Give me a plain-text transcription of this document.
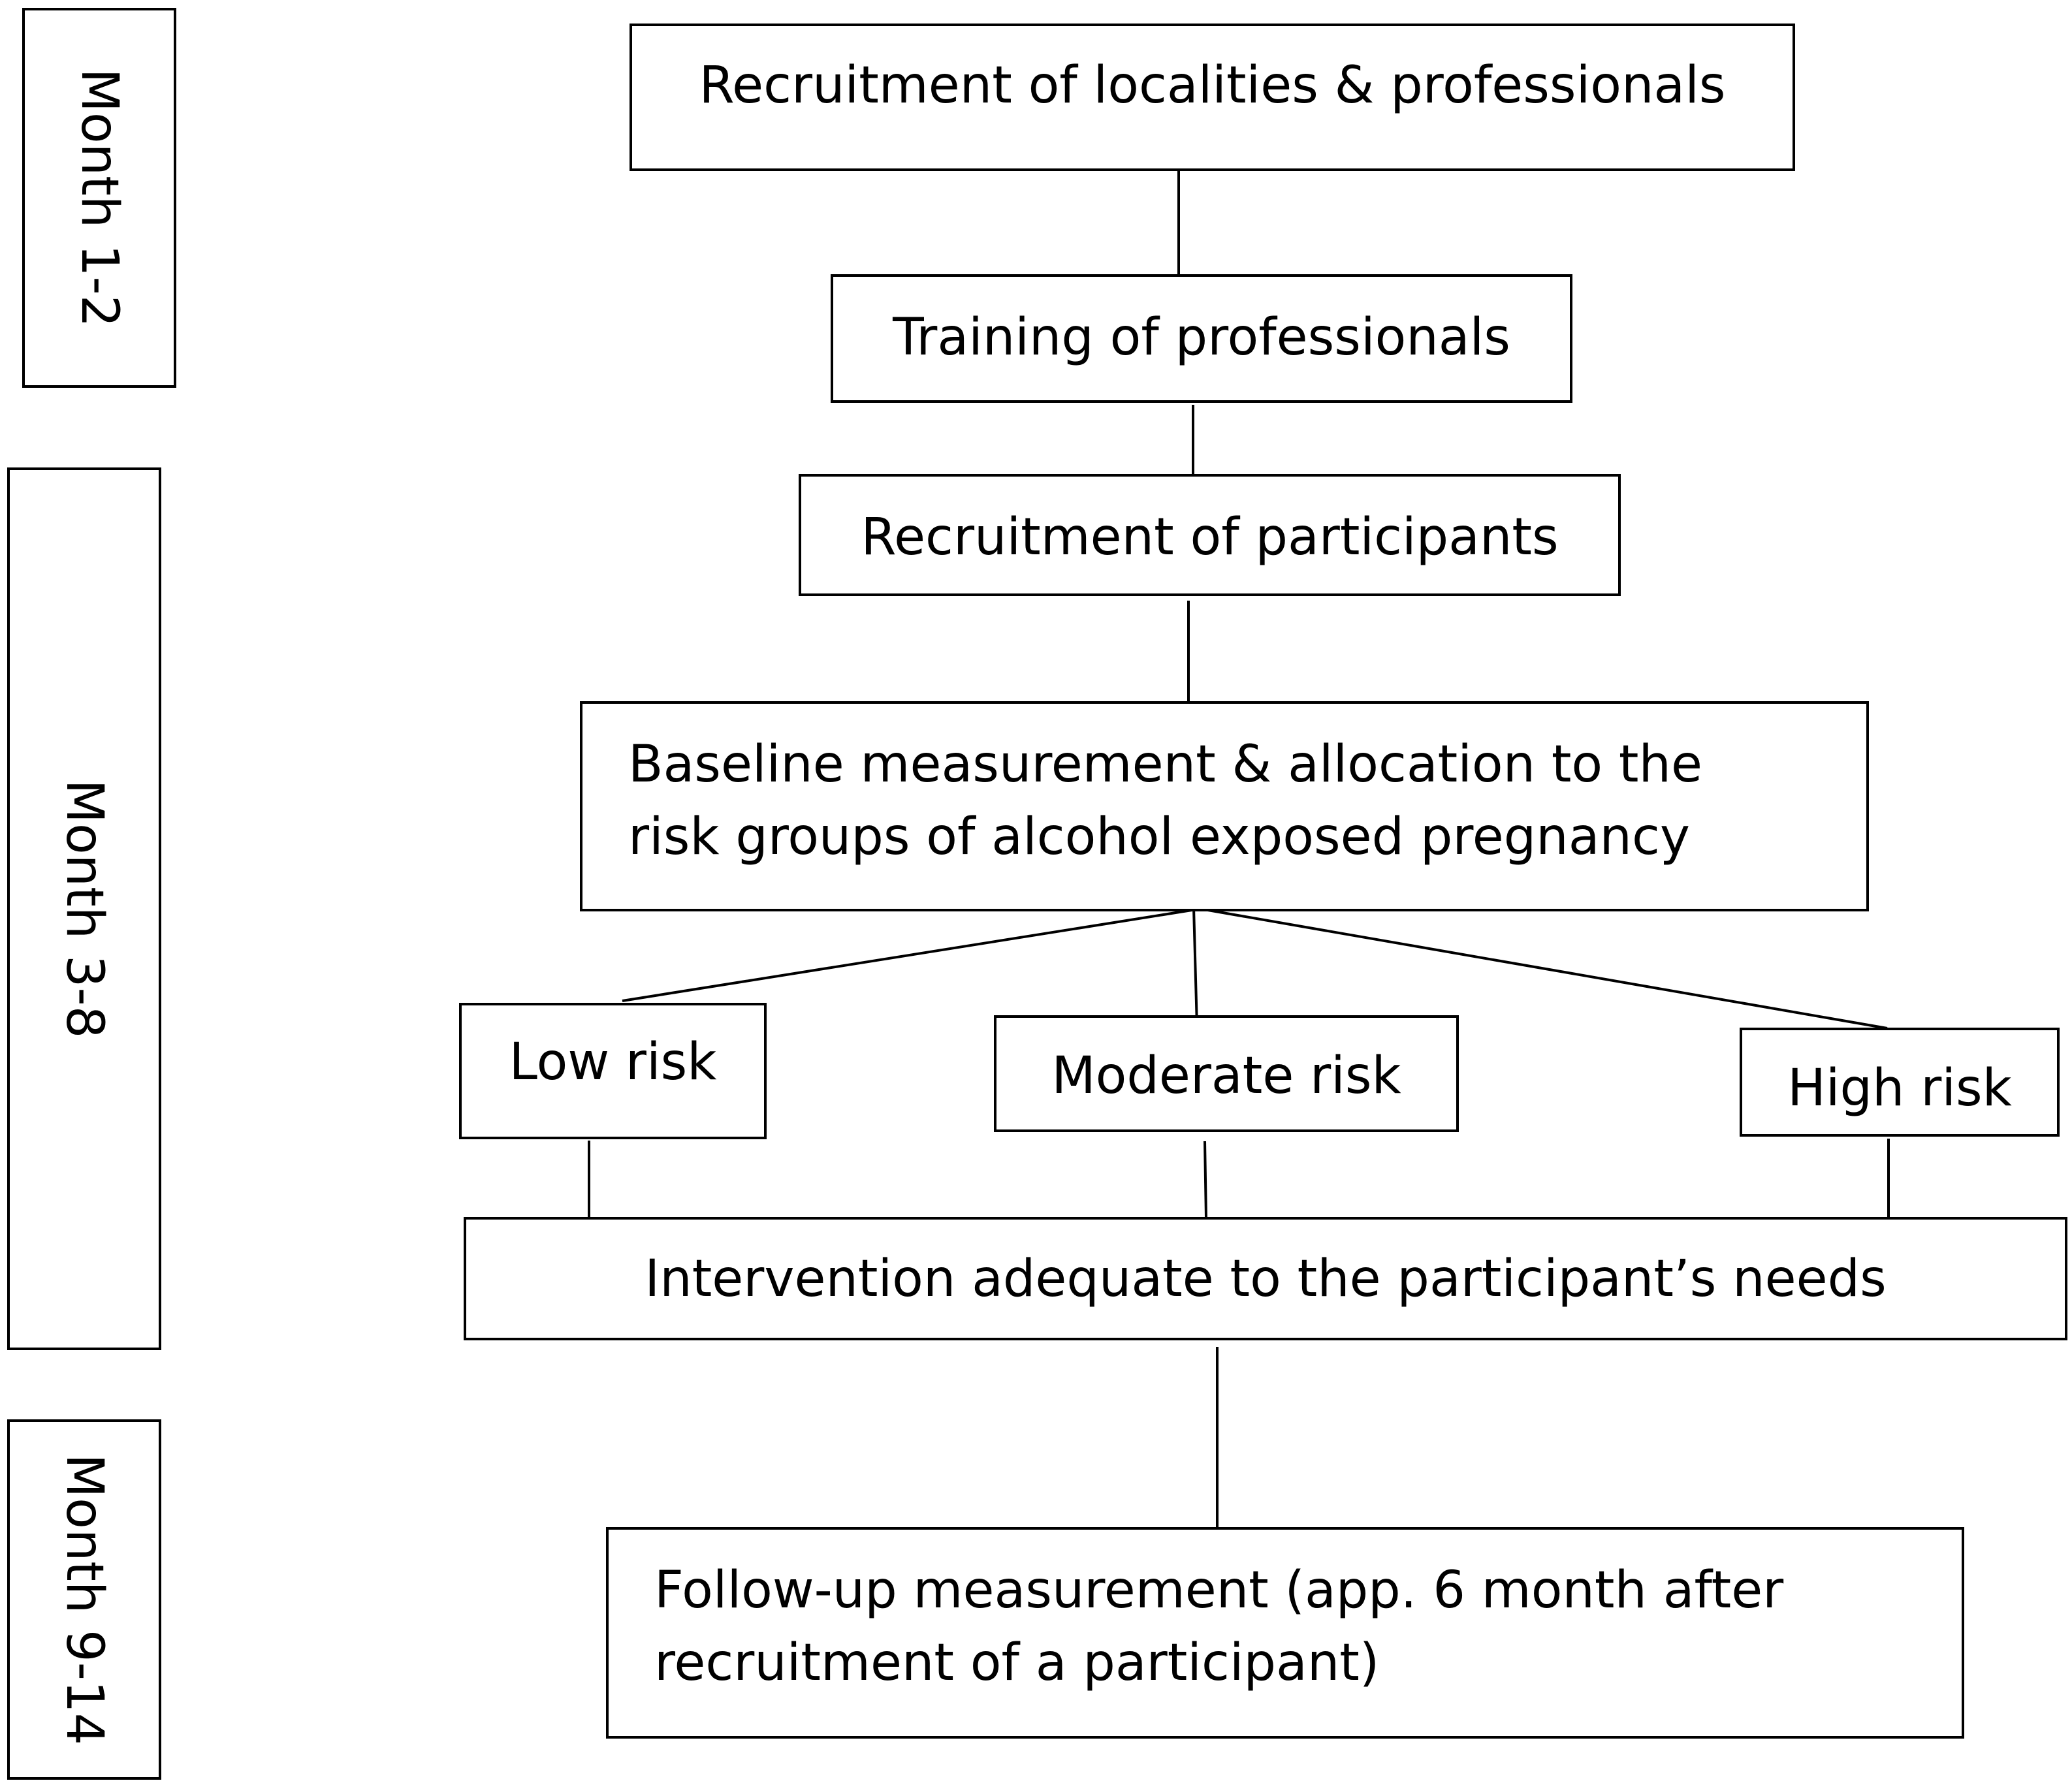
Month 1-2
Month 3-8
Month 9-14
Recruitment of localities & professionals
Training of professionals
Recruitment of participants
Baseline measurement & allocation to the
risk groups of alcohol exposed pregnancy
Low risk	Moderate risk	High risk
Intervention adequate to the participant’s needs
Follow-up measurement (app. 6 month after
recruitment of a participant)
